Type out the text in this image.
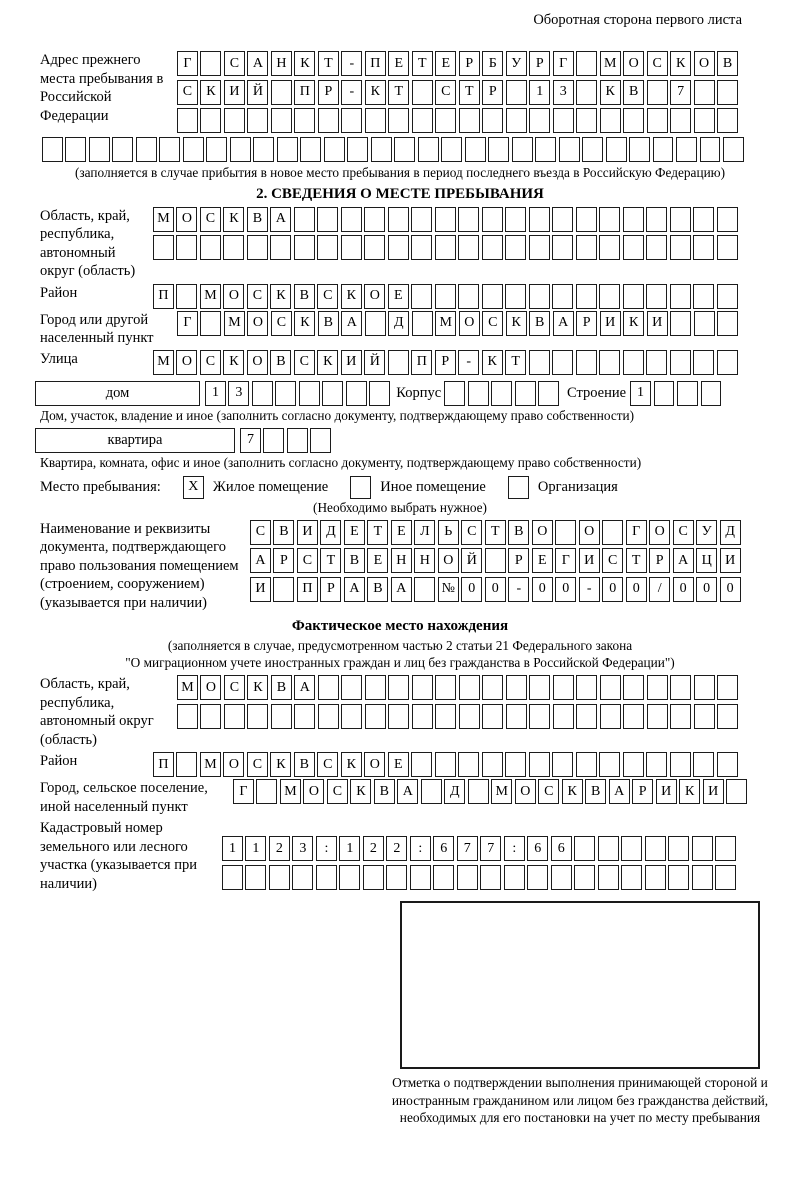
Оборотная сторона первого листа
Адрес прежнего места пребывания в Российской Федерации
Г	С А Н К	Т	-	П	Е	Т	Е	Р	Б	У	Р	Г	М О С	К О В
С	К И Й	П	Р	-	К	Т	С	Т	Р	1	3	К	В	7
(заполняется в случае прибытия в новое место пребывания в период последнего въезда в Российскую Федерацию)
2. СВЕДЕНИЯ О МЕСТЕ ПРЕБЫВАНИЯ
Область, край, республика, автономный округ (область)
М О С	К	В А
Район	П	М О С	К	В	С	К О	Е
Город или другой населенный пункт
Г	М О С	К	В А	Д	М О С	К	В А	Р	И К И
Улица	М О С	К О В	С	К И Й	П	Р	-	К	Т
дом	1	3	Корпус	Строение 1
Дом, участок, владение и иное (заполнить согласно документу, подтверждающему право собственности)
квартира	7
Квартира, комната, офис и иное (заполнить согласно документу, подтверждающему право собственности)
Место пребывания:	X Жилое помещение	Иное помещение	Организация
(Необходимо выбрать нужное)
Наименование и реквизиты документа, подтверждающего право пользования помещением (строением, сооружением) (указывается при наличии)
С	В И Д	Е	Т	Е	Л	Ь	С	Т	В О	О	Г	О С У Д
А	Р	С	Т	В	Е	Н Н О Й	Р	Е	Г	И С	Т	Р	А Ц И
И	П	Р	А В А	№ 0	0	-	0	0	-	0	0	/	0	0	0
Фактическое место нахождения
(заполняется в случае, предусмотренном частью 2 статьи 21 Федерального закона
"О миграционном учете иностранных граждан и лиц без гражданства в Российской Федерации")
Область, край, республика, автономный округ (область)
М О С	К	В А
Район	П	М О С	К	В	С	К О	Е
Город, сельское поселение, иной населенный пункт
Г	М О С	К	В А	Д	М О С	К	В А	Р	И К И
Кадастровый номер земельного или лесного участка (указывается при наличии)
1	1	2	3	:	1	2	2	:	6	7	7	:	6	6
Отметка о подтверждении выполнения принимающей стороной и иностранным гражданином или лицом без гражданства действий, необходимых для его постановки на учет по месту пребывания
